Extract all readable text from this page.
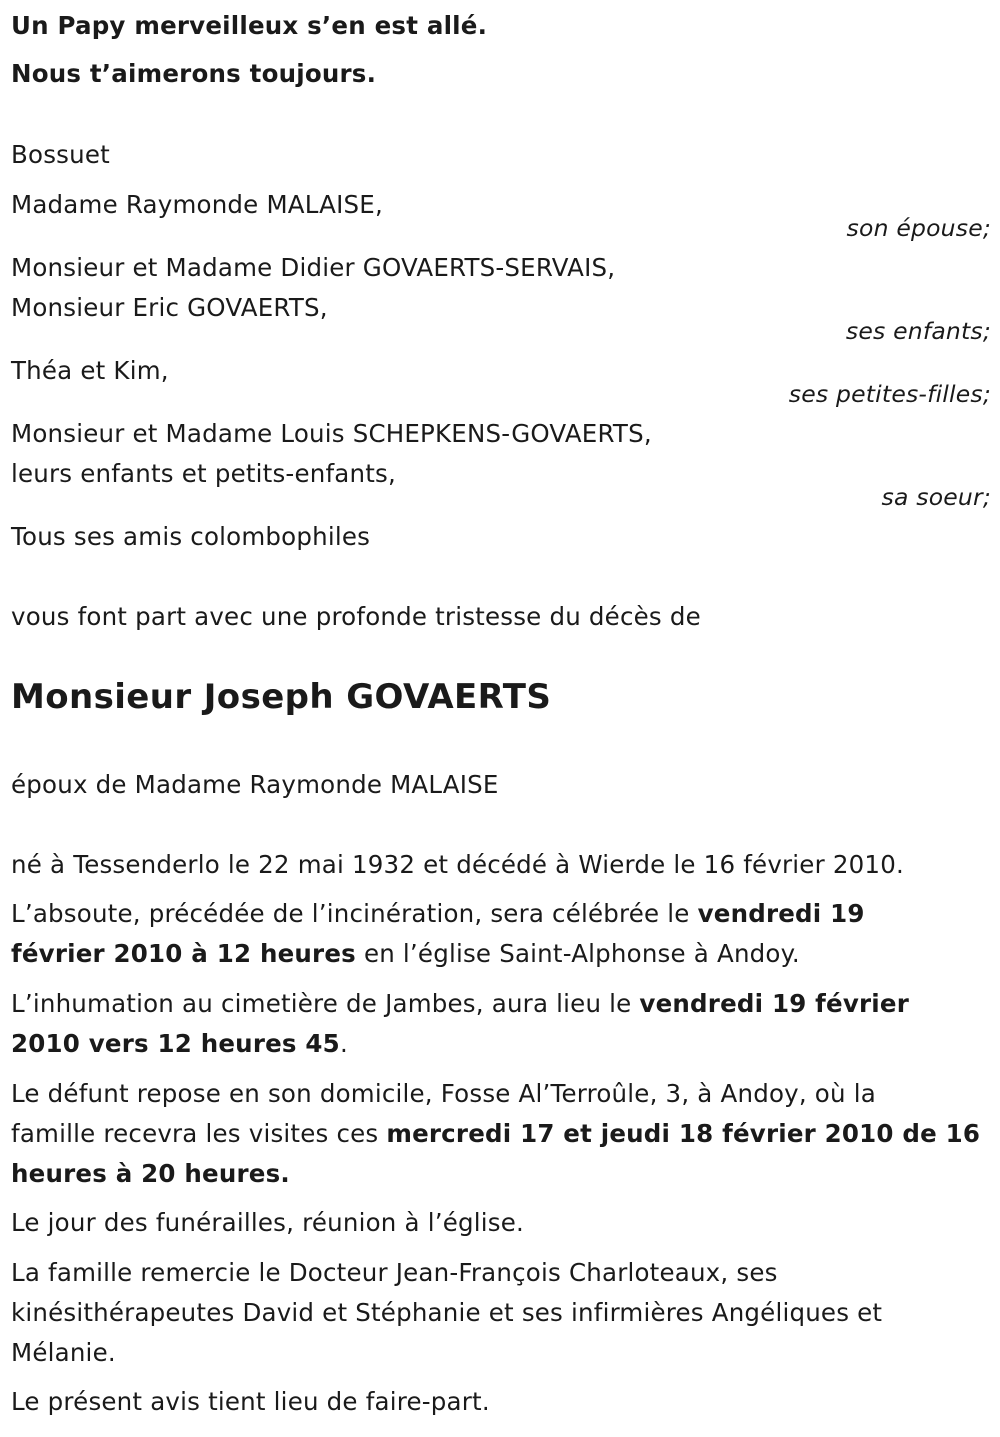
Un Papy merveilleux s’en est allé.
Nous t’aimerons toujours.
Bossuet
Madame Raymonde MALAISE,
son épouse;
Monsieur et Madame Didier GOVAERTS-SERVAIS,
Monsieur Eric GOVAERTS,
ses enfants;
Théa et Kim,
ses petites-filles;
Monsieur et Madame Louis SCHEPKENS-GOVAERTS,
leurs enfants et petits-enfants,
sa soeur;
Tous ses amis colombophiles
vous font part avec une profonde tristesse du décès de
Monsieur Joseph GOVAERTS
époux de Madame Raymonde MALAISE
né à Tessenderlo le 22 mai 1932 et décédé à Wierde le 16 février 2010.
L’absoute, précédée de l’incinération, sera célébrée le vendredi 19
février 2010 à 12 heures en l’église Saint-Alphonse à Andoy.
L’inhumation au cimetière de Jambes, aura lieu le vendredi 19 février
2010 vers 12 heures 45.
Le défunt repose en son domicile, Fosse Al’Terroûle, 3, à Andoy, où la
famille recevra les visites ces mercredi 17 et jeudi 18 février 2010 de 16
heures à 20 heures.
Le jour des funérailles, réunion à l’église.
La famille remercie le Docteur Jean-François Charloteaux, ses
kinésithérapeutes David et Stéphanie et ses infirmières Angéliques et
Mélanie.
Le présent avis tient lieu de faire-part.
